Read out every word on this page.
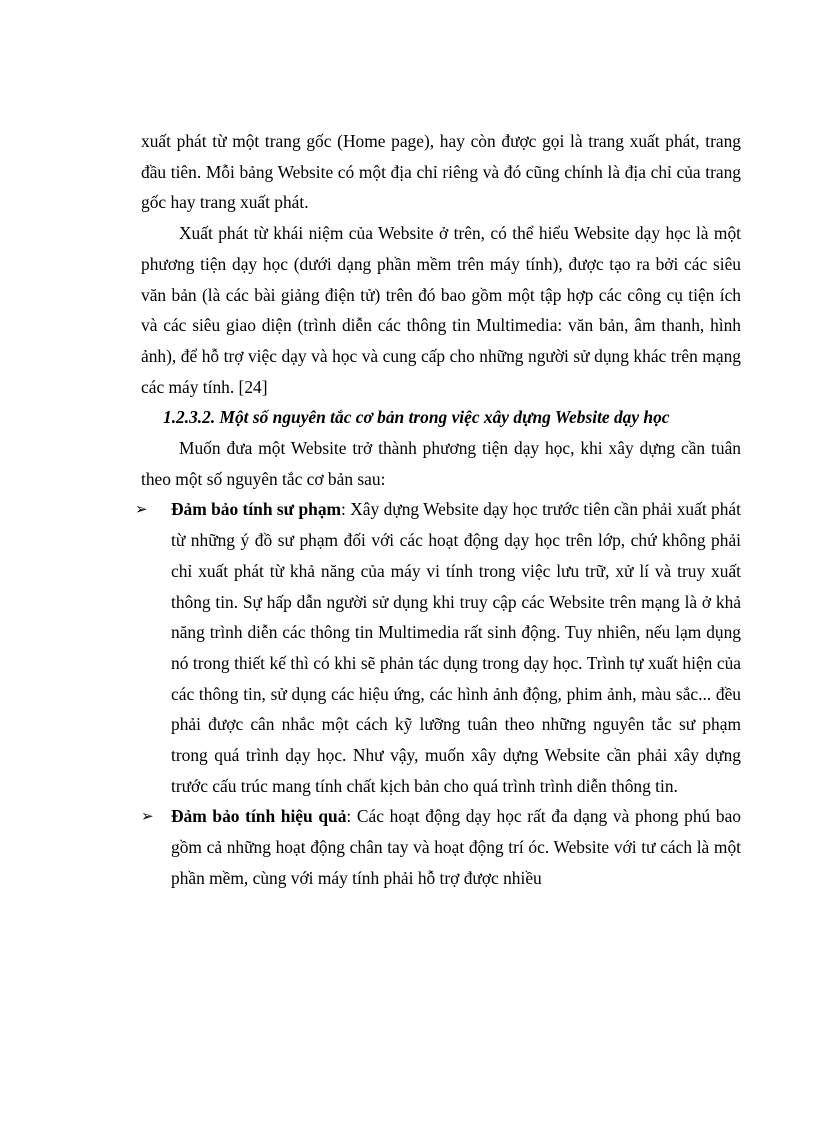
xuất phát từ một trang gốc (Home page), hay còn được gọi là trang xuất phát, trang đầu tiên. Mỗi bảng Website có một địa chỉ riêng và đó cũng chính là địa chỉ của trang gốc hay trang xuất phát.

Xuất phát từ khái niệm của Website ở trên, có thể hiểu Website dạy học là một phương tiện dạy học (dưới dạng phần mềm trên máy tính), được tạo ra bởi các siêu văn bản (là các bài giảng điện tử) trên đó bao gồm một tập hợp các công cụ tiện ích và các siêu giao diện (trình diễn các thông tin Multimedia: văn bản, âm thanh, hình ảnh), để hỗ trợ việc dạy và học và cung cấp cho những người sử dụng khác trên mạng các máy tính. [24]

1.2.3.2. Một số nguyên tắc cơ bản trong việc xây dựng Website dạy học

Muốn đưa một Website trở thành phương tiện dạy học, khi xây dựng cần tuân theo một số nguyên tắc cơ bản sau:

➢ Đảm bảo tính sư phạm: Xây dựng Website dạy học trước tiên cần phải xuất phát từ những ý đồ sư phạm đối với các hoạt động dạy học trên lớp, chứ không phải chỉ xuất phát từ khả năng của máy vi tính trong việc lưu trữ, xử lí và truy xuất thông tin. Sự hấp dẫn người sử dụng khi truy cập các Website trên mạng là ở khả năng trình diễn các thông tin Multimedia rất sinh động. Tuy nhiên, nếu lạm dụng nó trong thiết kế thì có khi sẽ phản tác dụng trong dạy học. Trình tự xuất hiện của các thông tin, sử dụng các hiệu ứng, các hình ảnh động, phim ảnh, màu sắc... đều phải được cân nhắc một cách kỹ lưỡng tuân theo những nguyên tắc sư phạm trong quá trình dạy học. Như vậy, muốn xây dựng Website cần phải xây dựng trước cấu trúc mang tính chất kịch bản cho quá trình trình diễn thông tin.

➢ Đảm bảo tính hiệu quả: Các hoạt động dạy học rất đa dạng và phong phú bao gồm cả những hoạt động chân tay và hoạt động trí óc. Website với tư cách là một phần mềm, cùng với máy tính phải hỗ trợ được nhiều
